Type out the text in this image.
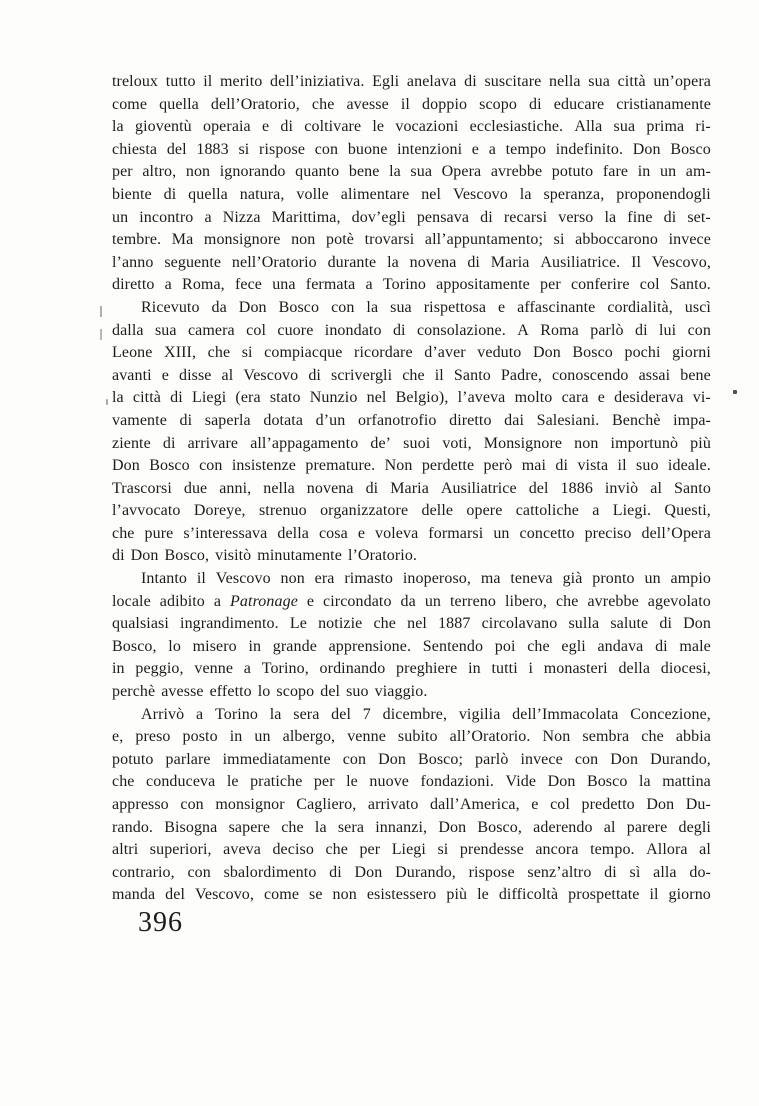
treloux tutto il merito dell’iniziativa. Egli anelava di suscitare nella sua città un’opera
come quella dell’Oratorio, che avesse il doppio scopo di educare cristianamente
la gioventù operaia e di coltivare le vocazioni ecclesiastiche. Alla sua prima ri-
chiesta del 1883 si rispose con buone intenzioni e a tempo indefinito. Don Bosco
per altro, non ignorando quanto bene la sua Opera avrebbe potuto fare in un am-
biente di quella natura, volle alimentare nel Vescovo la speranza, proponendogli
un incontro a Nizza Marittima, dov’egli pensava di recarsi verso la fine di set-
tembre. Ma monsignore non potè trovarsi all’appuntamento; si abboccarono invece
l’anno seguente nell’Oratorio durante la novena di Maria Ausiliatrice. Il Vescovo,
diretto a Roma, fece una fermata a Torino appositamente per conferire col Santo.
Ricevuto da Don Bosco con la sua rispettosa e affascinante cordialità, uscì
dalla sua camera col cuore inondato di consolazione. A Roma parlò di lui con
Leone XIII, che si compiacque ricordare d’aver veduto Don Bosco pochi giorni
avanti e disse al Vescovo di scrivergli che il Santo Padre, conoscendo assai bene
la città di Liegi (era stato Nunzio nel Belgio), l’aveva molto cara e desiderava vi-
vamente di saperla dotata d’un orfanotrofio diretto dai Salesiani. Benchè impa-
ziente di arrivare all’appagamento de’ suoi voti, Monsignore non importunò più
Don Bosco con insistenze premature. Non perdette però mai di vista il suo ideale.
Trascorsi due anni, nella novena di Maria Ausiliatrice del 1886 inviò al Santo
l’avvocato Doreye, strenuo organizzatore delle opere cattoliche a Liegi. Questi,
che pure s’interessava della cosa e voleva formarsi un concetto preciso dell’Opera
di Don Bosco, visitò minutamente l’Oratorio.
Intanto il Vescovo non era rimasto inoperoso, ma teneva già pronto un ampio
locale adibito a Patronage e circondato da un terreno libero, che avrebbe agevolato
qualsiasi ingrandimento. Le notizie che nel 1887 circolavano sulla salute di Don
Bosco, lo misero in grande apprensione. Sentendo poi che egli andava di male
in peggio, venne a Torino, ordinando preghiere in tutti i monasteri della diocesi,
perchè avesse effetto lo scopo del suo viaggio.
Arrivò a Torino la sera del 7 dicembre, vigilia dell’Immacolata Concezione,
e, preso posto in un albergo, venne subito all’Oratorio. Non sembra che abbia
potuto parlare immediatamente con Don Bosco; parlò invece con Don Durando,
che conduceva le pratiche per le nuove fondazioni. Vide Don Bosco la mattina
appresso con monsignor Cagliero, arrivato dall’America, e col predetto Don Du-
rando. Bisogna sapere che la sera innanzi, Don Bosco, aderendo al parere degli
altri superiori, aveva deciso che per Liegi si prendesse ancora tempo. Allora al
contrario, con sbalordimento di Don Durando, rispose senz’altro di sì alla do-
manda del Vescovo, come se non esistessero più le difficoltà prospettate il giorno
396
